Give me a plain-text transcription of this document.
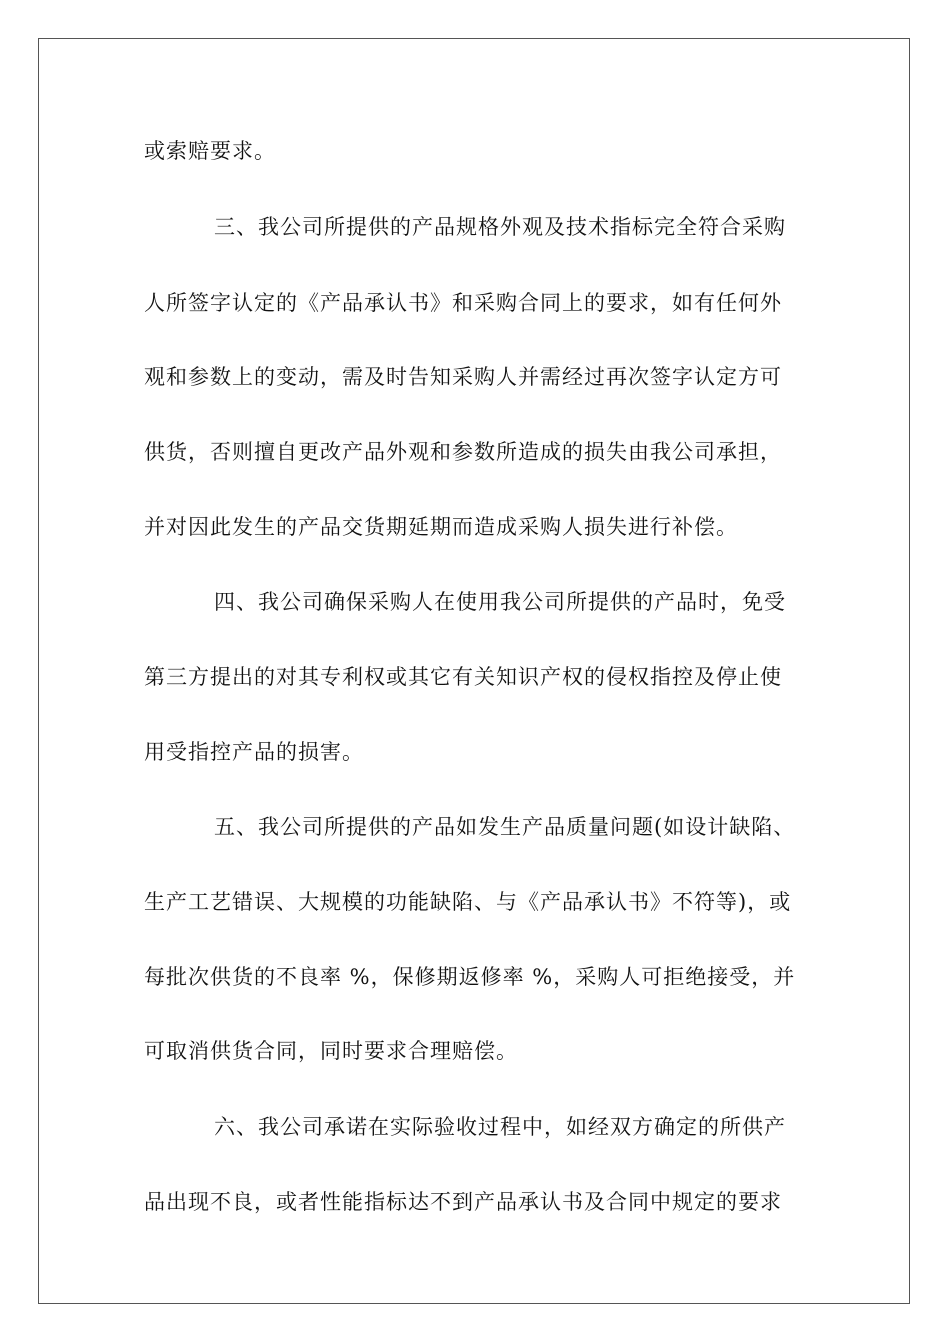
或索赔要求。
三、我公司所提供的产品规格外观及技术指标完全符合采购
人所签字认定的《产品承认书》和采购合同上的要求，如有任何外
观和参数上的变动，需及时告知采购人并需经过再次签字认定方可
供货，否则擅自更改产品外观和参数所造成的损失由我公司承担，
并对因此发生的产品交货期延期而造成采购人损失进行补偿。
四、我公司确保采购人在使用我公司所提供的产品时，免受
第三方提出的对其专利权或其它有关知识产权的侵权指控及停止使
用受指控产品的损害。
五、我公司所提供的产品如发生产品质量问题(如设计缺陷、
生产工艺错误、大规模的功能缺陷、与《产品承认书》不符等)，或
每批次供货的不良率 %，保修期返修率 %，采购人可拒绝接受，并
可取消供货合同，同时要求合理赔偿。
六、我公司承诺在实际验收过程中，如经双方确定的所供产
品出现不良，或者性能指标达不到产品承认书及合同中规定的要求
